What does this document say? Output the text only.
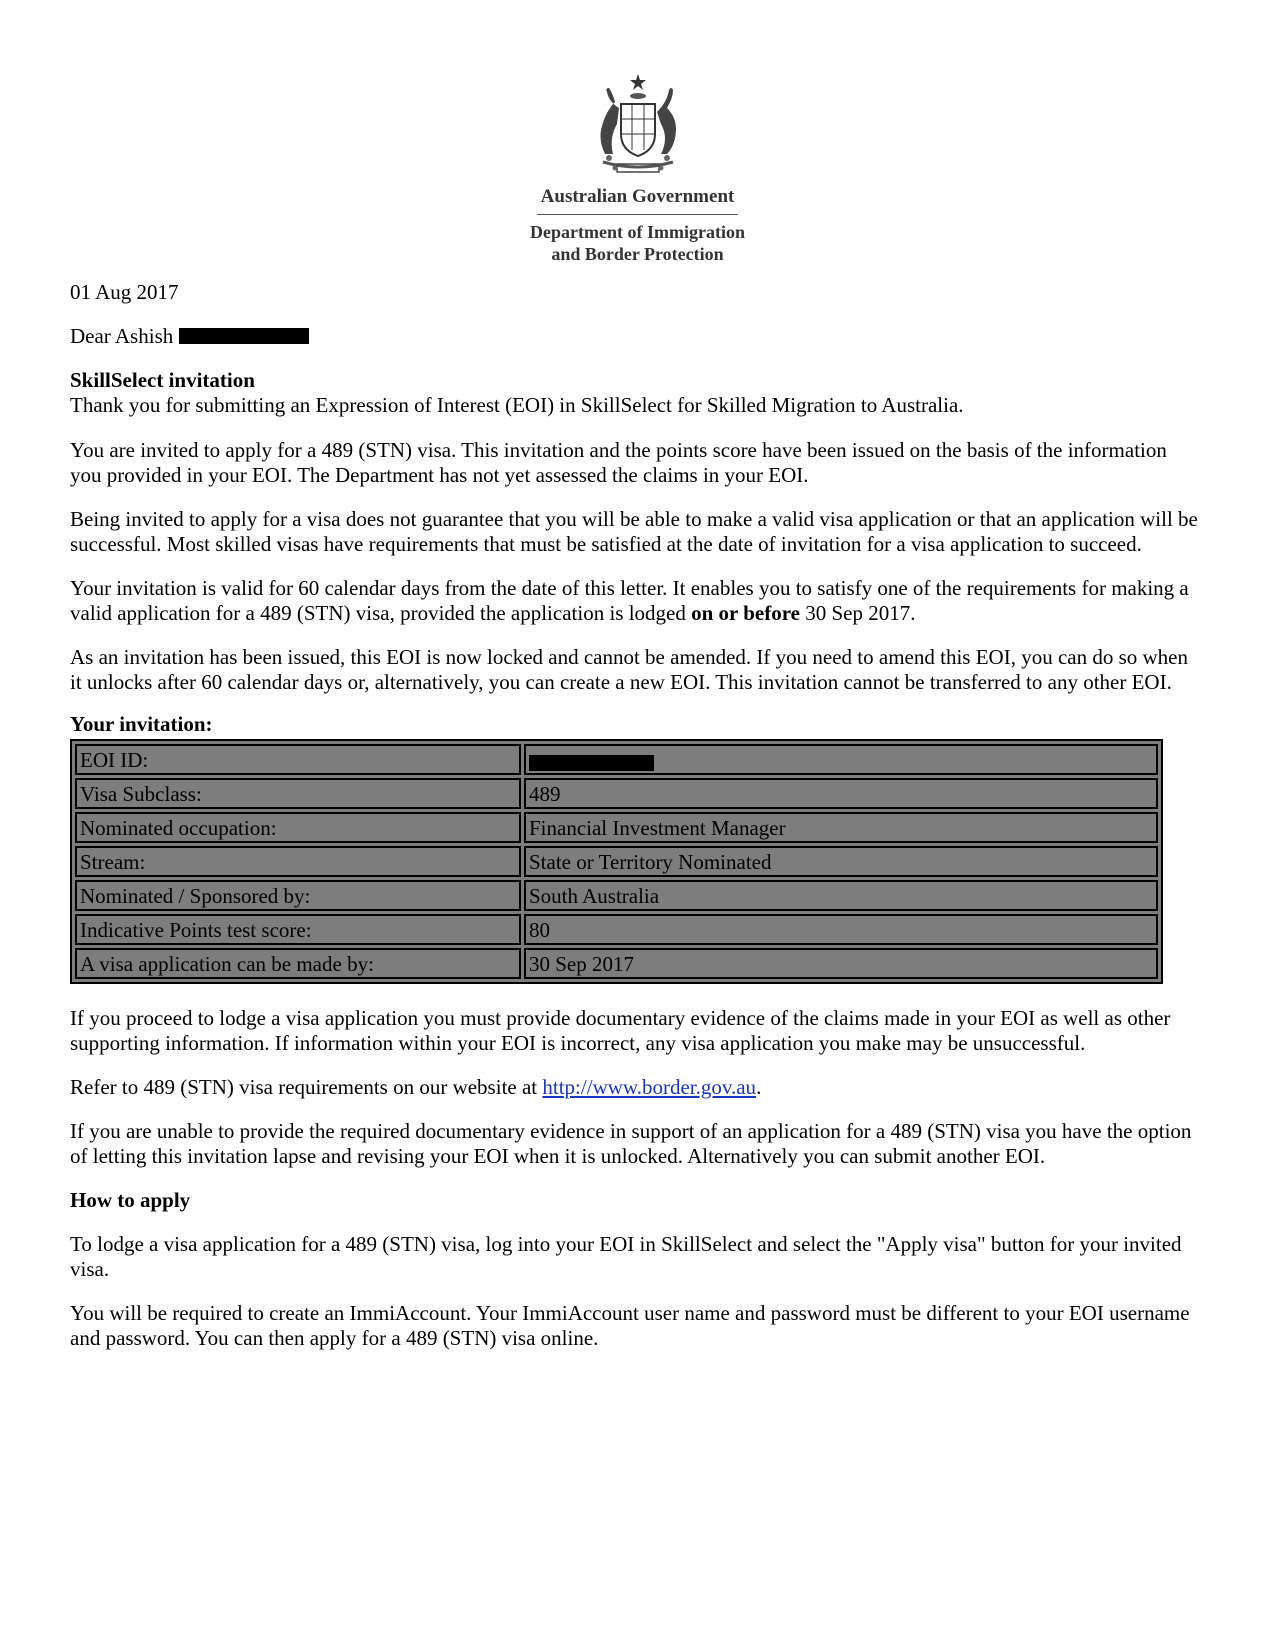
Australian Government
Department of Immigration
and Border Protection

01 Aug 2017

Dear Ashish

SkillSelect invitation
Thank you for submitting an Expression of Interest (EOI) in SkillSelect for Skilled Migration to Australia.

You are invited to apply for a 489 (STN) visa. This invitation and the points score have been issued on the basis of the information you provided in your EOI. The Department has not yet assessed the claims in your EOI.

Being invited to apply for a visa does not guarantee that you will be able to make a valid visa application or that an application will be successful. Most skilled visas have requirements that must be satisfied at the date of invitation for a visa application to succeed.

Your invitation is valid for 60 calendar days from the date of this letter. It enables you to satisfy one of the requirements for making a valid application for a 489 (STN) visa, provided the application is lodged on or before 30 Sep 2017.

As an invitation has been issued, this EOI is now locked and cannot be amended. If you need to amend this EOI, you can do so when it unlocks after 60 calendar days or, alternatively, you can create a new EOI. This invitation cannot be transferred to any other EOI.

Your invitation:
EOI ID:	
Visa Subclass:	489
Nominated occupation:	Financial Investment Manager
Stream:	State or Territory Nominated
Nominated / Sponsored by:	South Australia
Indicative Points test score:	80
A visa application can be made by:	30 Sep 2017

If you proceed to lodge a visa application you must provide documentary evidence of the claims made in your EOI as well as other supporting information. If information within your EOI is incorrect, any visa application you make may be unsuccessful.

Refer to 489 (STN) visa requirements on our website at http://www.border.gov.au.

If you are unable to provide the required documentary evidence in support of an application for a 489 (STN) visa you have the option of letting this invitation lapse and revising your EOI when it is unlocked. Alternatively you can submit another EOI.

How to apply

To lodge a visa application for a 489 (STN) visa, log into your EOI in SkillSelect and select the "Apply visa" button for your invited visa.

You will be required to create an ImmiAccount. Your ImmiAccount user name and password must be different to your EOI username and password. You can then apply for a 489 (STN) visa online.
